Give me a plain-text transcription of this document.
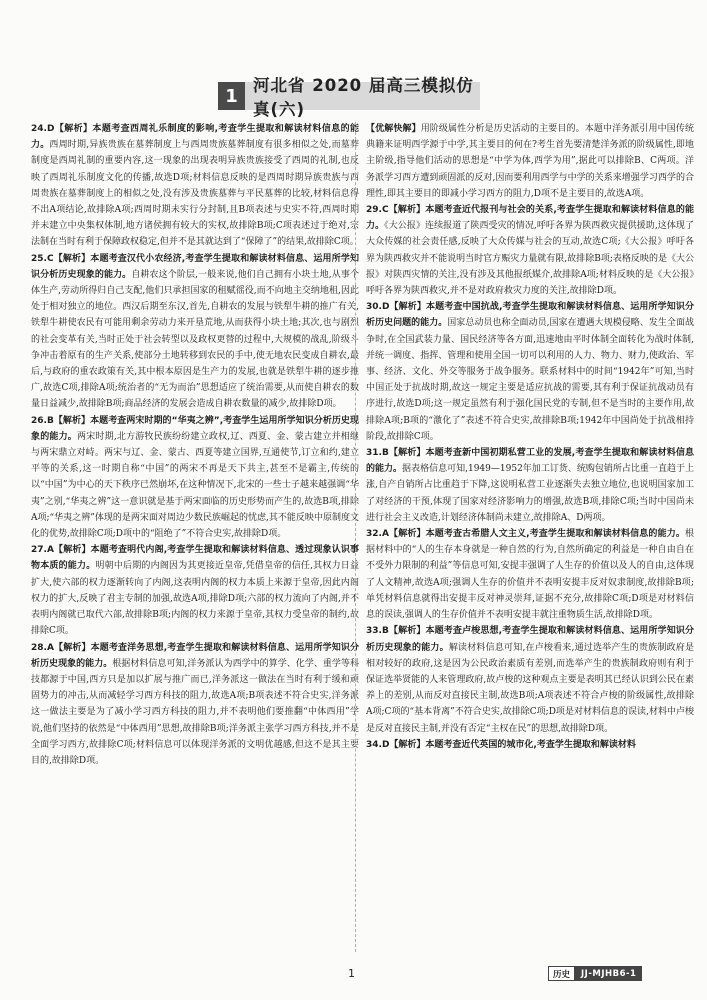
1 河北省 2020 届高三模拟仿真(六)

24.D【解析】本题考查西周礼乐制度的影响,考查学生提取和解读材料信息的能力。西周时期,异族贵族在墓葬制度上与西周贵族墓葬制度有很多相似之处,而墓葬制度是西周礼制的重要内容,这一现象的出现表明异族贵族接受了西周的礼制,也反映了西周礼乐制度文化的传播,故选D项;材料信息反映的是西周时期异族贵族与西周贵族在墓葬制度上的相似之处,没有涉及贵族墓葬与平民墓葬的比较,材料信息得不出A项结论,故排除A项;西周时期未实行分封制,且B项表述与史实不符,西周时期并未建立中央集权体制,地方诸侯拥有较大的实权,故排除B项;C项表述过于绝对,宗法制在当时有利于保障政权稳定,但并不是其就达到了“保障了”的结果,故排除C项。

25.C【解析】本题考查汉代小农经济,考查学生提取和解读材料信息、运用所学知识分析历史现象的能力。自耕农这个阶层,一般来说,他们自己拥有小块土地,从事个体生产,劳动所得归自己支配,他们只承担国家的租赋徭役,而不向地主交纳地租,因此处于相对独立的地位。西汉后期至东汉,首先,自耕农的发展与铁犁牛耕的推广有关,铁犁牛耕使农民有可能用剩余劳动力来开垦荒地,从而获得小块土地;其次,也与剧烈的社会变革有关,当时正处于社会转型以及政权更替的过程中,大规模的战乱,阶级斗争冲击着原有的生产关系,使部分土地转移到农民的手中,使无地农民变成自耕农,最后,与政府的重农政策有关,其中根本原因是生产力的发展,也就是铁犁牛耕的逐步推广,故选C项,排除A项;统治者的“无为而治”思想适应了统治需要,从而使自耕农的数量日益减少,故排除B项;商品经济的发展会造成自耕农数量的减少,故排除D项。

26.B【解析】本题考查两宋时期的“华夷之辨”,考查学生运用所学知识分析历史现象的能力。两宋时期,北方游牧民族纷纷建立政权,辽、西夏、金、蒙古建立并相继与两宋鼎立对峙。两宋与辽、金、蒙古、西夏等建立国界,互通使节,订立和约,建立平等的关系,这一时期自称“中国”的两宋不再是天下共主,甚至不是霸主,传统的以“中国”为中心的天下秩序已然崩坏,在这种情况下,北宋的一些士子越来越强调“华夷”之别,“华夷之辨”这一意识就是基于两宋面临的历史形势而产生的,故选B项,排除A项;“华夷之辨”体现的是两宋面对周边少数民族崛起的忧虑,其不能反映中原制度文化的优势,故排除C项;D项中的“阻绝了”不符合史实,故排除D项。

27.A【解析】本题考查明代内阁,考查学生提取和解读材料信息、透过现象认识事物本质的能力。明朝中后期的内阁因为其更接近皇帝,凭借皇帝的信任,其权力日益扩大,使六部的权力逐渐转向了内阁,这表明内阁的权力本质上来源于皇帝,因此内阁权力的扩大,反映了君主专制的加强,故选A项,排除D项;六部的权力流向了内阁,并不表明内阁就已取代六部,故排除B项;内阁的权力来源于皇帝,其权力受皇帝的制约,故排除C项。

28.A【解析】本题考查洋务思想,考查学生提取和解读材料信息、运用所学知识分析历史现象的能力。根据材料信息可知,洋务派认为西学中的算学、化学、重学等科技都源于中国,西方只是加以扩展与推广而已,洋务派这一做法在当时有利于缓和顽固势力的冲击,从而减轻学习西方科技的阻力,故选A项;B项表述不符合史实,洋务派这一做法主要是为了减小学习西方科技的阻力,并不表明他们要推翻“中体西用”学说,他们坚持的依然是“中体西用”思想,故排除B项;洋务派主张学习西方科技,并不是全面学习西方,故排除C项;材料信息可以体现洋务派的文明优越感,但这不是其主要目的,故排除D项。

【优解快解】用阶级属性分析是历史活动的主要目的。本题中洋务派引用中国传统典籍来证明西学源于中学,其主要目的何在?考生首先要清楚洋务派的阶级属性,即地主阶级,指导他们活动的思想是“中学为体,西学为用”,据此可以排除B、C两项。洋务派学习西方遭到顽固派的反对,因而要利用西学与中学的关系来增强学习西学的合理性,即其主要目的即减小学习西方的阻力,D项不是主要目的,故选A项。

29.C【解析】本题考查近代报刊与社会的关系,考查学生提取和解读材料信息的能力。《大公报》连续报道了陕西受灾的情况,呼吁各界为陕西救灾提供援助,这体现了大众传媒的社会责任感,反映了大众传媒与社会的互动,故选C项;《大公报》呼吁各界为陕西救灾并不能说明当时官方赈灾力量就有限,故排除B项;表格反映的是《大公报》对陕西灾情的关注,没有涉及其他报纸媒介,故排除A项;材料反映的是《大公报》呼吁各界为陕西救灾,并不是对政府救灾力度的关注,故排除D项。

30.D【解析】本题考查中国抗战,考查学生提取和解读材料信息、运用所学知识分析历史问题的能力。国家总动员也称全面动员,国家在遭遇大规模侵略、发生全面战争时,在全国武装力量、国民经济等各方面,迅速地由平时体制全面转化为战时体制,并统一调度、指挥、管理和使用全国一切可以利用的人力、物力、财力,使政治、军事、经济、文化、外交等服务于战争服务。联系材料中的时间“1942年”可知,当时中国正处于抗战时期,故这一规定主要是适应抗战的需要,其有利于保证抗战动员有序进行,故选D项;这一规定虽然有利于强化国民党的专制,但不是当时的主要作用,故排除A项;B项的“激化了”表述不符合史实,故排除B项;1942年中国尚处于抗战相持阶段,故排除C项。

31.B【解析】本题考查新中国初期私营工业的发展,考查学生提取和解读材料信息的能力。据表格信息可知,1949—1952年加工订货、统购包销所占比重一直趋于上涨,自产自销所占比重趋于下降,这说明私营工业逐渐失去独立地位,也说明国家加工了对经济的干预,体现了国家对经济影响力的增强,故选B项,排除C项;当时中国尚未进行社会主义改造,计划经济体制尚未建立,故排除A、D两项。

32.A【解析】本题考查古希腊人文主义,考查学生提取和解读材料信息的能力。根据材料中的“人的生存本身就是一种自然的行为,自然所确定的利益是一种自由自在不受外力限制的利益”等信息可知,安提丰强调了人生存的价值以及人的自由,这体现了人文精神,故选A项;强调人生存的价值并不表明安提丰反对奴隶制度,故排除B项;单凭材料信息就得出安提丰反对神灵崇拜,证据不充分,故排除C项;D项是对材料信息的误读,强调人的生存价值并不表明安提丰就注重物质生活,故排除D项。

33.B【解析】本题考查卢梭思想,考查学生提取和解读材料信息、运用所学知识分析历史现象的能力。解读材料信息可知,在卢梭看来,通过选举产生的贵族制政府是相对较好的政府,这是因为公民政治素质有差别,而选举产生的贵族制政府则有利于保证选举贤能的人来管理政府,故卢梭的这种观点主要是表明其已经认识到公民在素养上的差别,从而反对直接民主制,故选B项;A项表述不符合卢梭的阶级属性,故排除A项;C项的“基本背离”不符合史实,故排除C项;D项是对材料信息的误读,材料中卢梭是反对直接民主制,并没有否定“主权在民”的思想,故排除D项。

34.D【解析】本题考查近代英国的城市化,考查学生提取和解读材料

1	历史	JJ-MJHB6-1
